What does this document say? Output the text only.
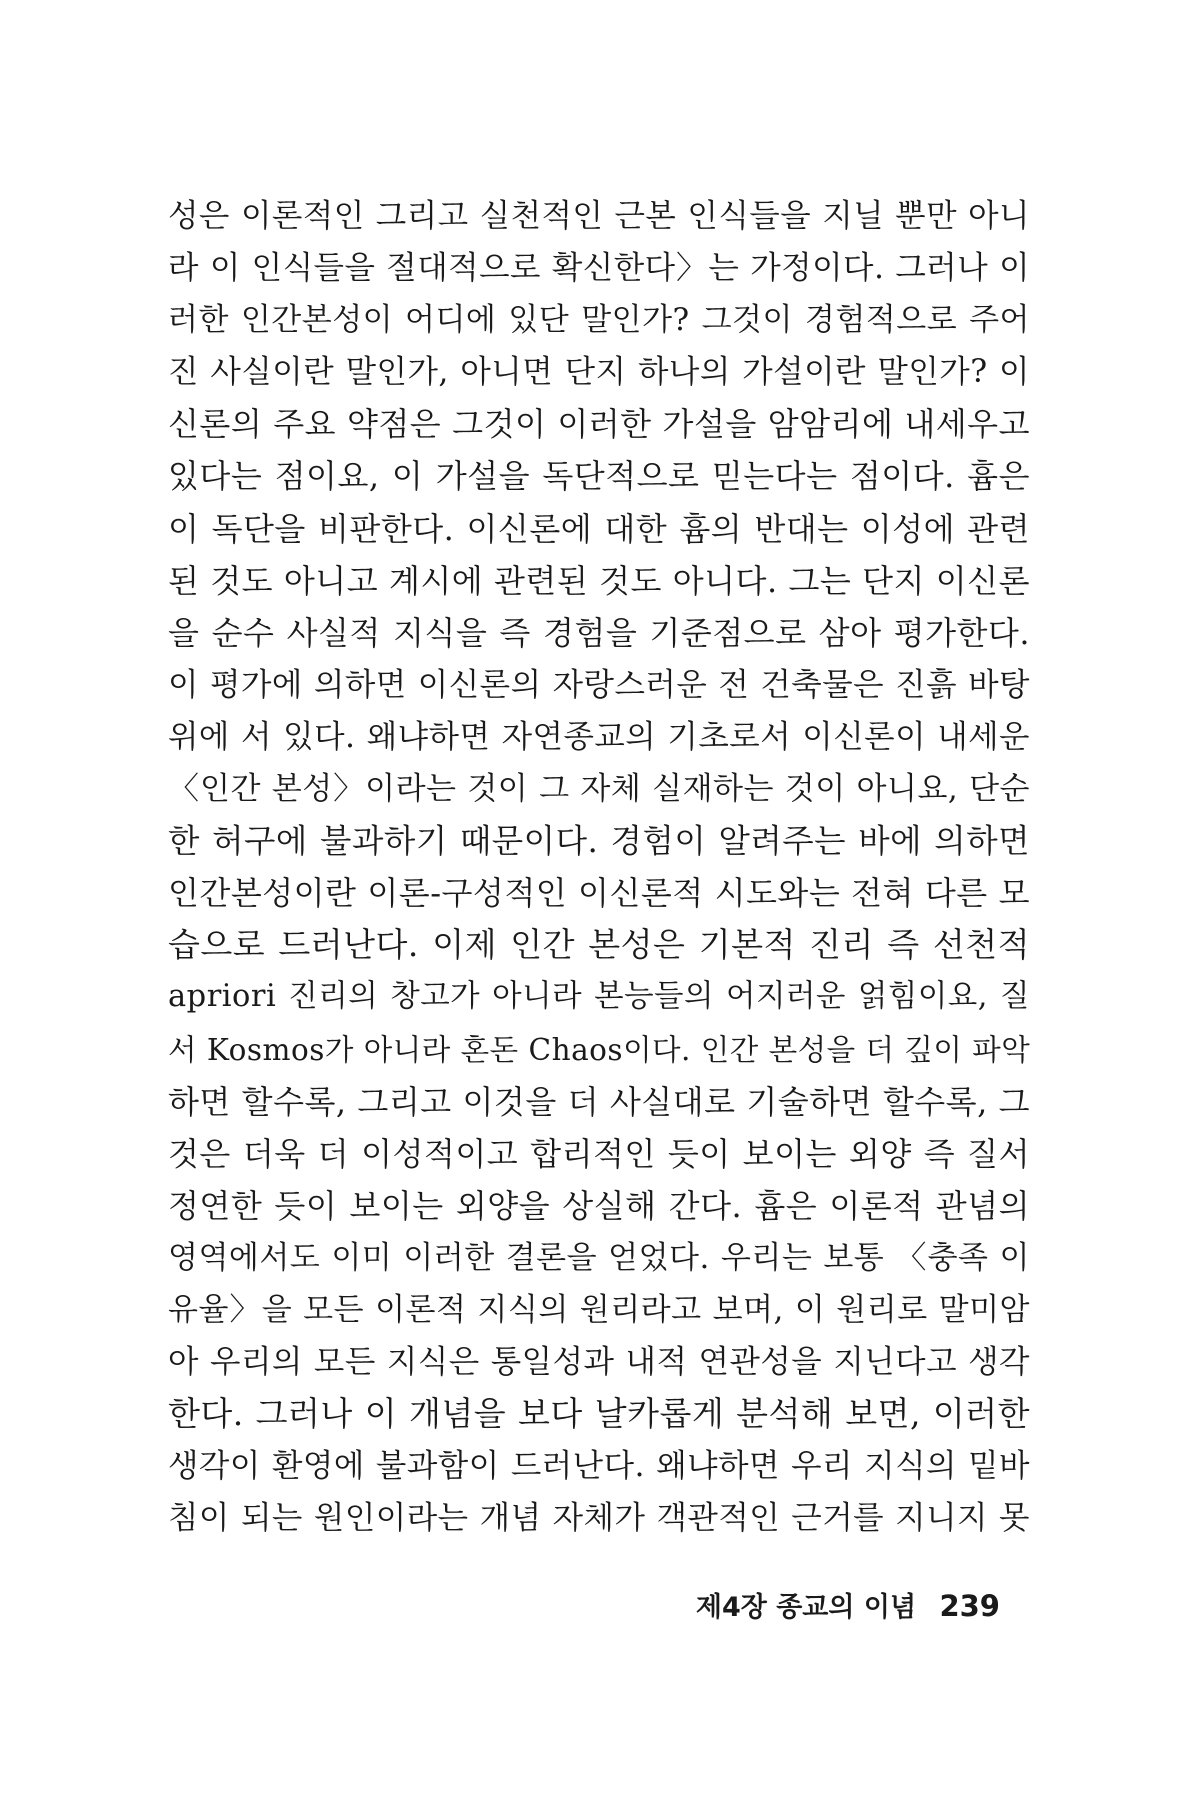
성은 이론적인 그리고 실천적인 근본 인식들을 지닐 뿐만 아니
라 이 인식들을 절대적으로 확신한다〉는 가정이다. 그러나 이
러한 인간본성이 어디에 있단 말인가? 그것이 경험적으로 주어
진 사실이란 말인가, 아니면 단지 하나의 가설이란 말인가? 이
신론의 주요 약점은 그것이 이러한 가설을 암암리에 내세우고
있다는 점이요, 이 가설을 독단적으로 믿는다는 점이다. 흄은
이 독단을 비판한다. 이신론에 대한 흄의 반대는 이성에 관련
된 것도 아니고 계시에 관련된 것도 아니다. 그는 단지 이신론
을 순수 사실적 지식을 즉 경험을 기준점으로 삼아 평가한다.
이 평가에 의하면 이신론의 자랑스러운 전 건축물은 진흙 바탕
위에 서 있다. 왜냐하면 자연종교의 기초로서 이신론이 내세운
〈인간 본성〉이라는 것이 그 자체 실재하는 것이 아니요, 단순
한 허구에 불과하기 때문이다. 경험이 알려주는 바에 의하면
인간본성이란 이론-구성적인 이신론적 시도와는 전혀 다른 모
습으로 드러난다. 이제 인간 본성은 기본적 진리 즉 선천적
apriori 진리의 창고가 아니라 본능들의 어지러운 얽힘이요, 질
서 Kosmos가 아니라 혼돈 Chaos이다. 인간 본성을 더 깊이 파악
하면 할수록, 그리고 이것을 더 사실대로 기술하면 할수록, 그
것은 더욱 더 이성적이고 합리적인 듯이 보이는 외양 즉 질서
정연한 듯이 보이는 외양을 상실해 간다. 흄은 이론적 관념의
영역에서도 이미 이러한 결론을 얻었다. 우리는 보통 〈충족 이
유율〉을 모든 이론적 지식의 원리라고 보며, 이 원리로 말미암
아 우리의 모든 지식은 통일성과 내적 연관성을 지닌다고 생각
한다. 그러나 이 개념을 보다 날카롭게 분석해 보면, 이러한
생각이 환영에 불과함이 드러난다. 왜냐하면 우리 지식의 밑바
침이 되는 원인이라는 개념 자체가 객관적인 근거를 지니지 못
제4장 종교의 이념 239
